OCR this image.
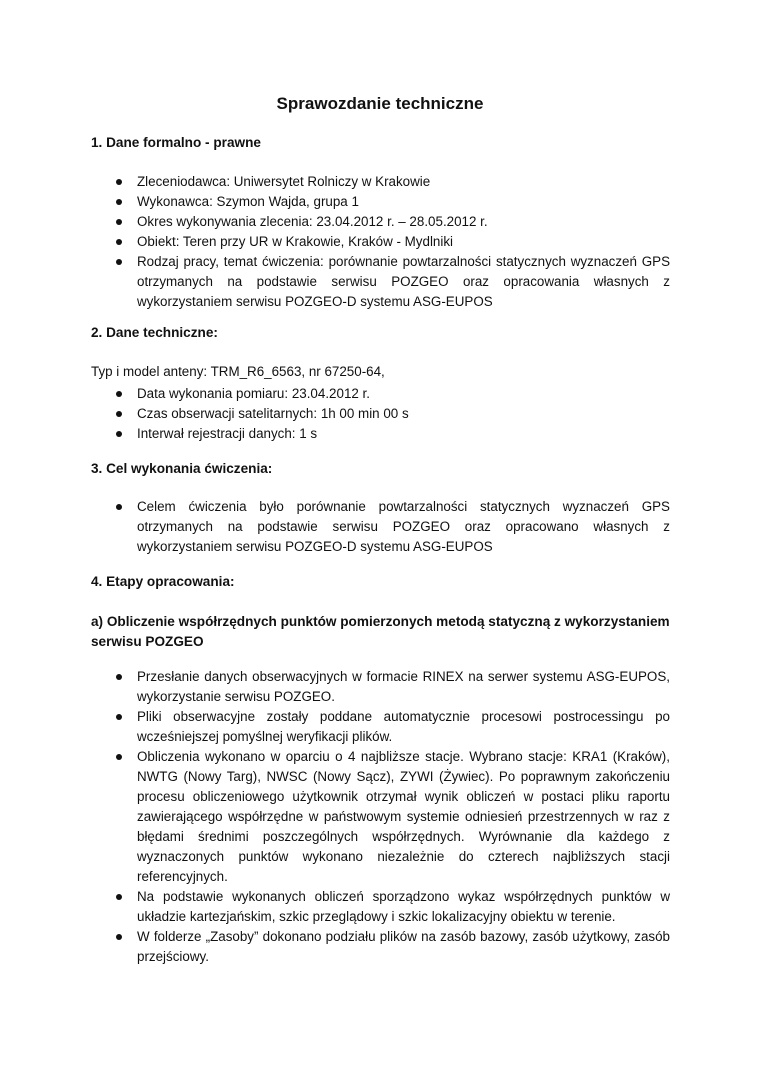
Sprawozdanie techniczne
1. Dane formalno - prawne
Zleceniodawca: Uniwersytet Rolniczy w Krakowie
Wykonawca: Szymon Wajda, grupa 1
Okres wykonywania zlecenia: 23.04.2012 r. – 28.05.2012 r.
Obiekt: Teren przy UR w Krakowie, Kraków - Mydlniki
Rodzaj pracy, temat ćwiczenia: porównanie powtarzalności statycznych wyznaczeń GPS otrzymanych na podstawie serwisu POZGEO oraz opracowania własnych z wykorzystaniem serwisu POZGEO-D systemu ASG-EUPOS
2. Dane techniczne:
Typ i model anteny: TRM_R6_6563, nr 67250-64,
Data wykonania pomiaru: 23.04.2012 r.
Czas obserwacji satelitarnych: 1h 00 min 00 s
Interwał rejestracji danych: 1 s
3. Cel wykonania ćwiczenia:
Celem ćwiczenia było porównanie powtarzalności statycznych wyznaczeń GPS otrzymanych na podstawie serwisu POZGEO oraz opracowano własnych z wykorzystaniem serwisu POZGEO-D systemu ASG-EUPOS
4. Etapy opracowania:
a) Obliczenie współrzędnych punktów pomierzonych metodą statyczną z wykorzystaniem serwisu POZGEO
Przesłanie danych obserwacyjnych w formacie RINEX na serwer systemu ASG-EUPOS, wykorzystanie serwisu POZGEO.
Pliki obserwacyjne zostały poddane automatycznie procesowi postrocessingu po wcześniejszej pomyślnej weryfikacji plików.
Obliczenia wykonano w oparciu o 4 najbliższe stacje. Wybrano stacje: KRA1 (Kraków), NWTG (Nowy Targ), NWSC (Nowy Sącz), ZYWI (Żywiec). Po poprawnym zakończeniu procesu obliczeniowego użytkownik otrzymał wynik obliczeń w postaci pliku raportu zawierającego współrzędne w państwowym systemie odniesień przestrzennych w raz z błędami średnimi poszczególnych współrzędnych. Wyrównanie dla każdego z wyznaczonych punktów wykonano niezależnie do czterech najbliższych stacji referencyjnych.
Na podstawie wykonanych obliczeń sporządzono wykaz współrzędnych punktów w układzie kartezjańskim, szkic przeglądowy i szkic lokalizacyjny obiektu w terenie.
W folderze „Zasoby” dokonano podziału plików na zasób bazowy, zasób użytkowy, zasób przejściowy.
